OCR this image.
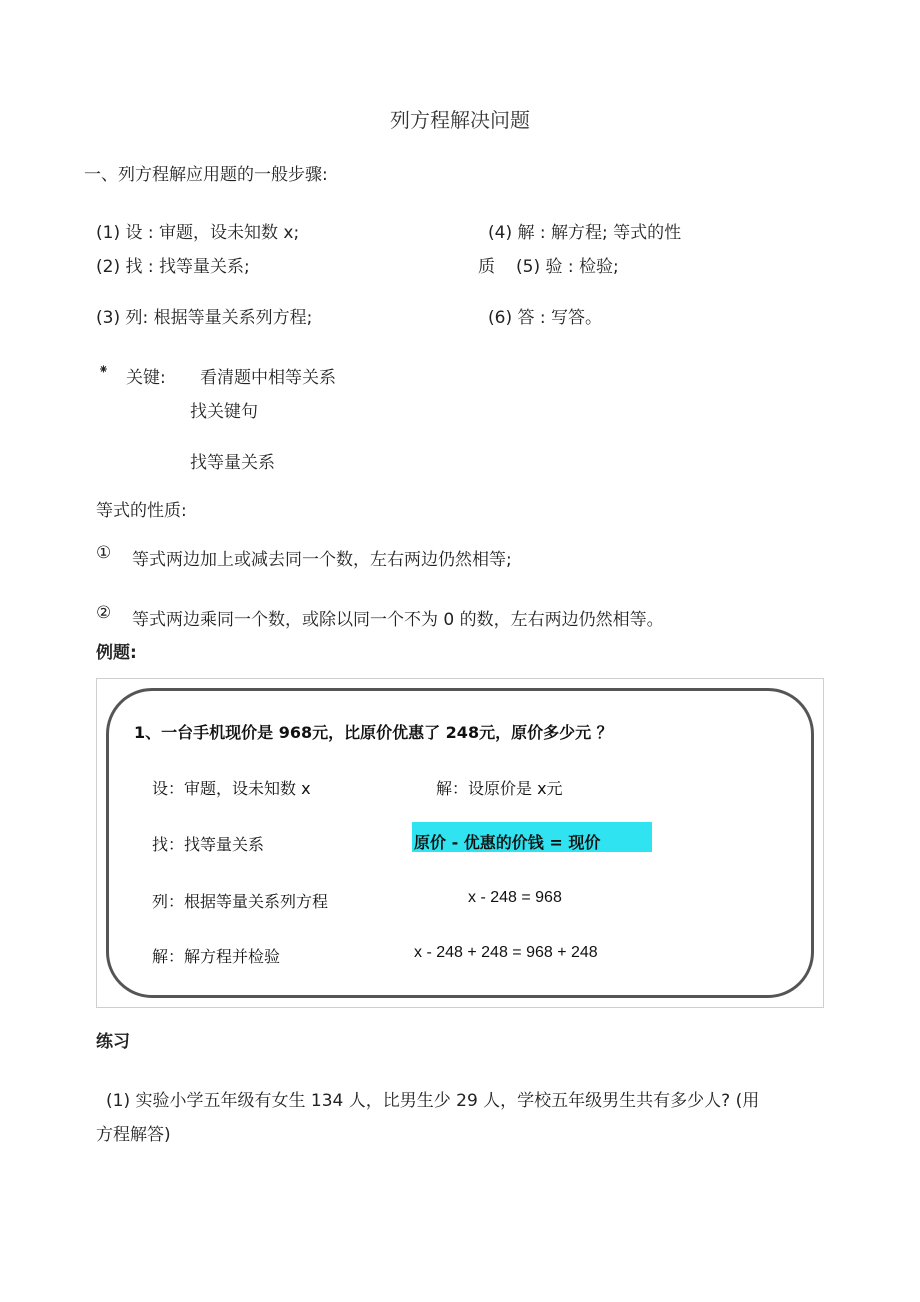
列方程解决问题
一、列方程解应用题的一般步骤:
(1) 设 : 审题，设未知数 x;	(4) 解 : 解方程; 等式的性
(2) 找 : 找等量关系;	质 (5) 验 : 检验;
(3) 列: 根据等量关系列方程;	(6) 答 : 写答。
⁕ 关键: 看清题中相等关系
找关键句
找等量关系
等式的性质:
① 等式两边加上或减去同一个数，左右两边仍然相等;
② 等式两边乘同一个数，或除以同一个不为 0 的数，左右两边仍然相等。
例题:
1、一台手机现价是 968元，比原价优惠了 248元，原价多少元 ？
设：审题，设未知数 x	解：设原价是 x元
找：找等量关系	原价 - 优惠的价钱 = 现价
列：根据等量关系列方程	x - 248 = 968
解：解方程并检验	x - 248 + 248 = 968 + 248
练习
(1) 实验小学五年级有女生 134 人，比男生少 29 人，学校五年级男生共有多少人? (用
方程解答)
